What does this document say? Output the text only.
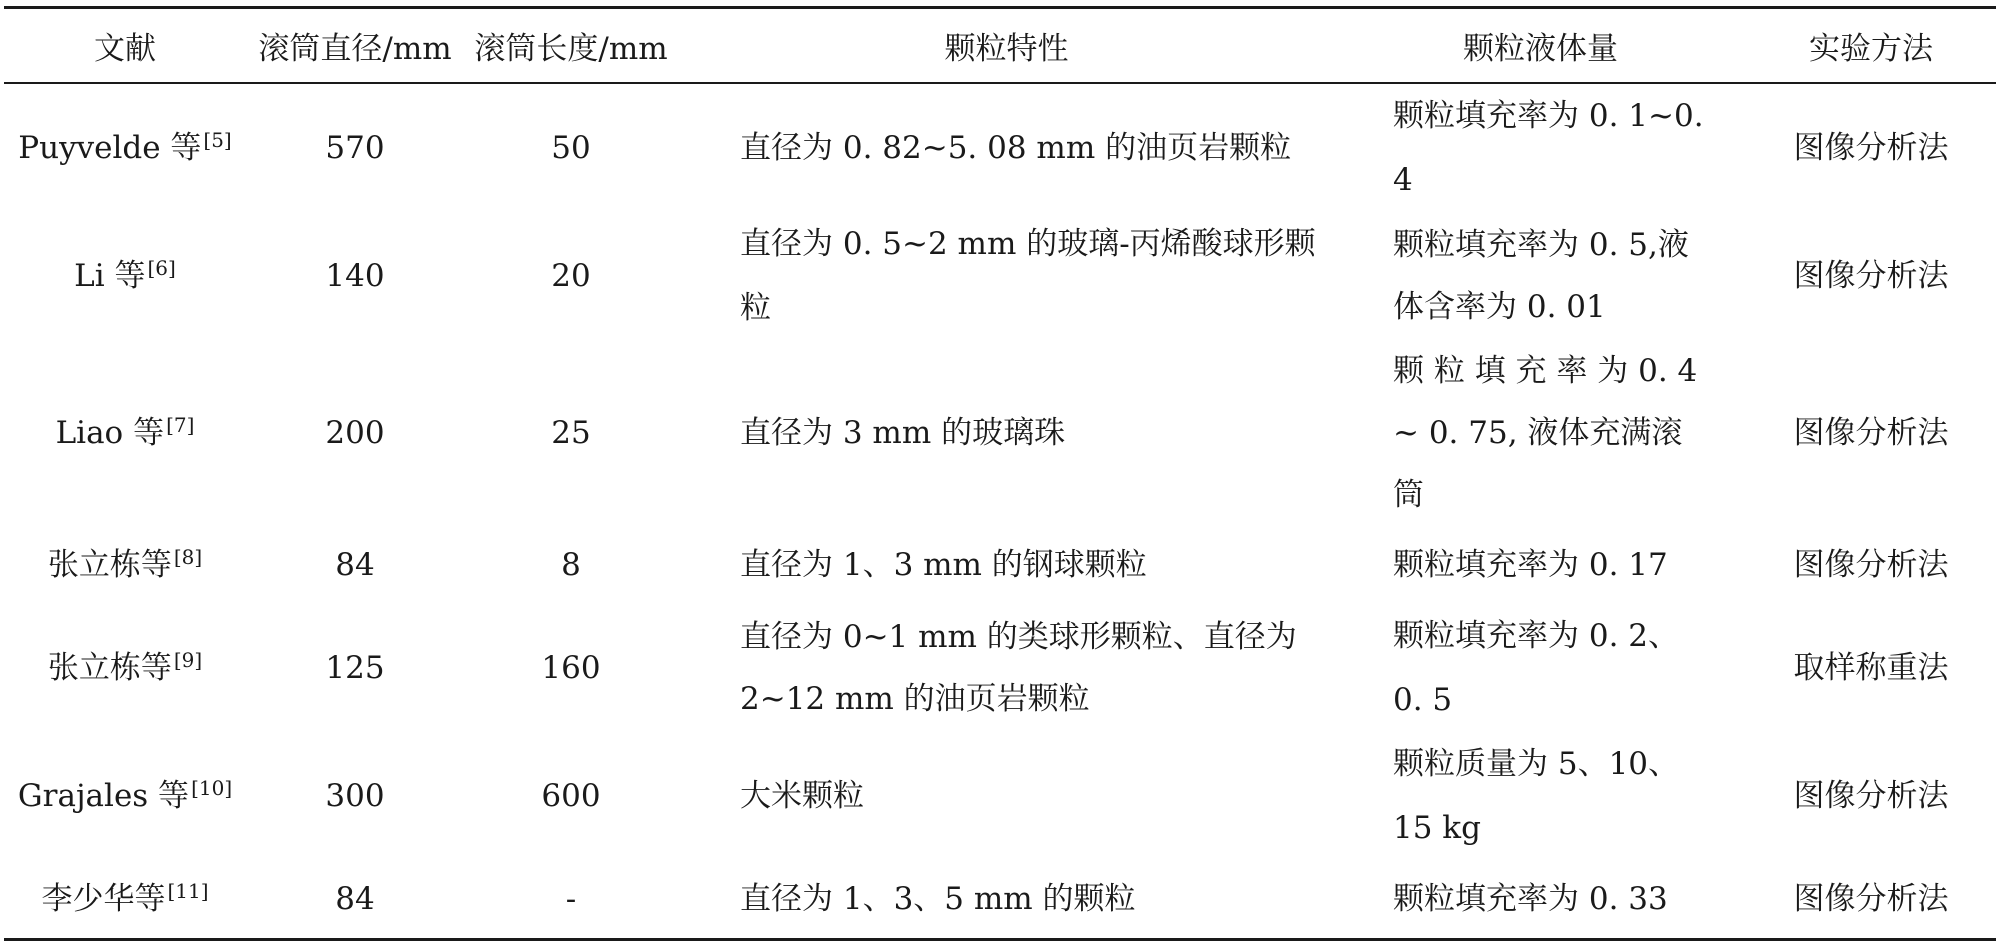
文献	滚筒直径/mm	滚筒长度/mm	颗粒特性	颗粒液体量	实验方法
Puyvelde 等 [5]	570	50	直径为 0. 82~5. 08 mm 的油页岩颗粒	颗粒填充率为 0. 1~0. 4	图像分析法
Li 等 [6]	140	20	直径为 0. 5~2 mm 的玻璃-丙烯酸球形颗粒	颗粒填充率为 0. 5,液体含率为 0. 01	图像分析法
Liao 等 [7]	200	25	直径为 3 mm 的玻璃珠	颗 粒 填 充 率 为 0. 4 ~ 0. 75, 液体充满滚筒	图像分析法
张立栋等 [8]	84	8	直径为 1、3 mm 的钢球颗粒	颗粒填充率为 0. 17	图像分析法
张立栋等 [9]	125	160	直径为 0~1 mm 的类球形颗粒、直径为 2~12 mm 的油页岩颗粒	颗粒填充率为 0. 2、0. 5	取样称重法
Grajales 等 [10]	300	600	大米颗粒	颗粒质量为 5、10、15 kg	图像分析法
李少华等 [11]	84	-	直径为 1、3、5 mm 的颗粒	颗粒填充率为 0. 33	图像分析法
